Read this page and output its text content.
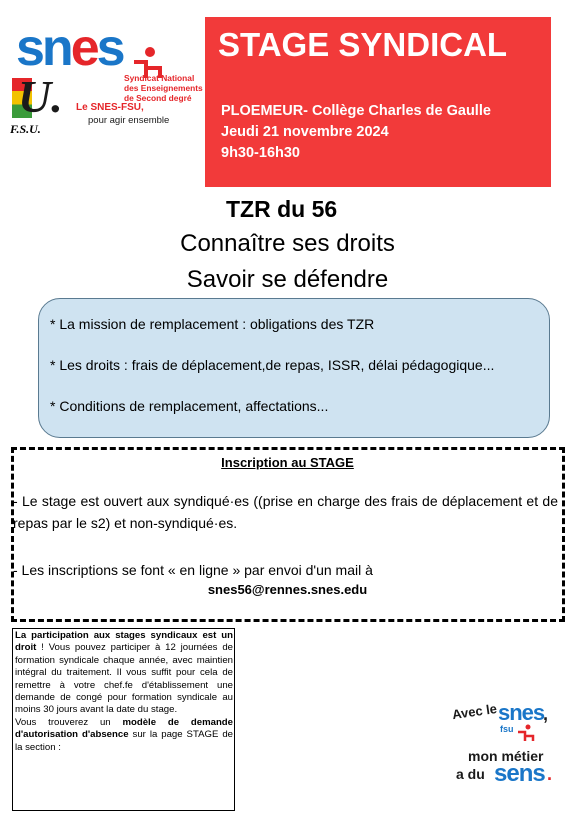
snes
U.	Syndicat National
des Enseignements
de Second degré
Le SNES-FSU,
pour agir ensemble
F.S.U.
STAGE SYNDICAL
PLOEMEUR- Collège Charles de Gaulle
Jeudi 21 novembre 2024
9h30-16h30
TZR du 56
Connaître ses droits
Savoir se défendre
* La mission de remplacement : obligations des TZR
* Les droits : frais de déplacement,de repas, ISSR, délai pédagogique...
* Conditions de remplacement, affectations...
Inscription au STAGE
- Le stage est ouvert aux syndiqué·es ((prise en charge des frais de déplacement et de repas par le s2) et non-syndiqué·es.
- Les inscriptions se font « en ligne » par envoi d'un mail à
snes56@rennes.snes.edu
La participation aux stages syndicaux est un droit ! Vous pouvez participer à 12 journées de formation syndicale chaque année, avec maintien intégral du traitement. Il vous suffit pour cela de remettre à votre chef.fe d'établissement une demande de congé pour formation syndicale au moins 30 jours avant la date du stage.
Vous trouverez un modèle de demande d'autorisation d'absence sur la page STAGE de la section :
Avec le snes
,
fsu
mon métier
a du sens .
